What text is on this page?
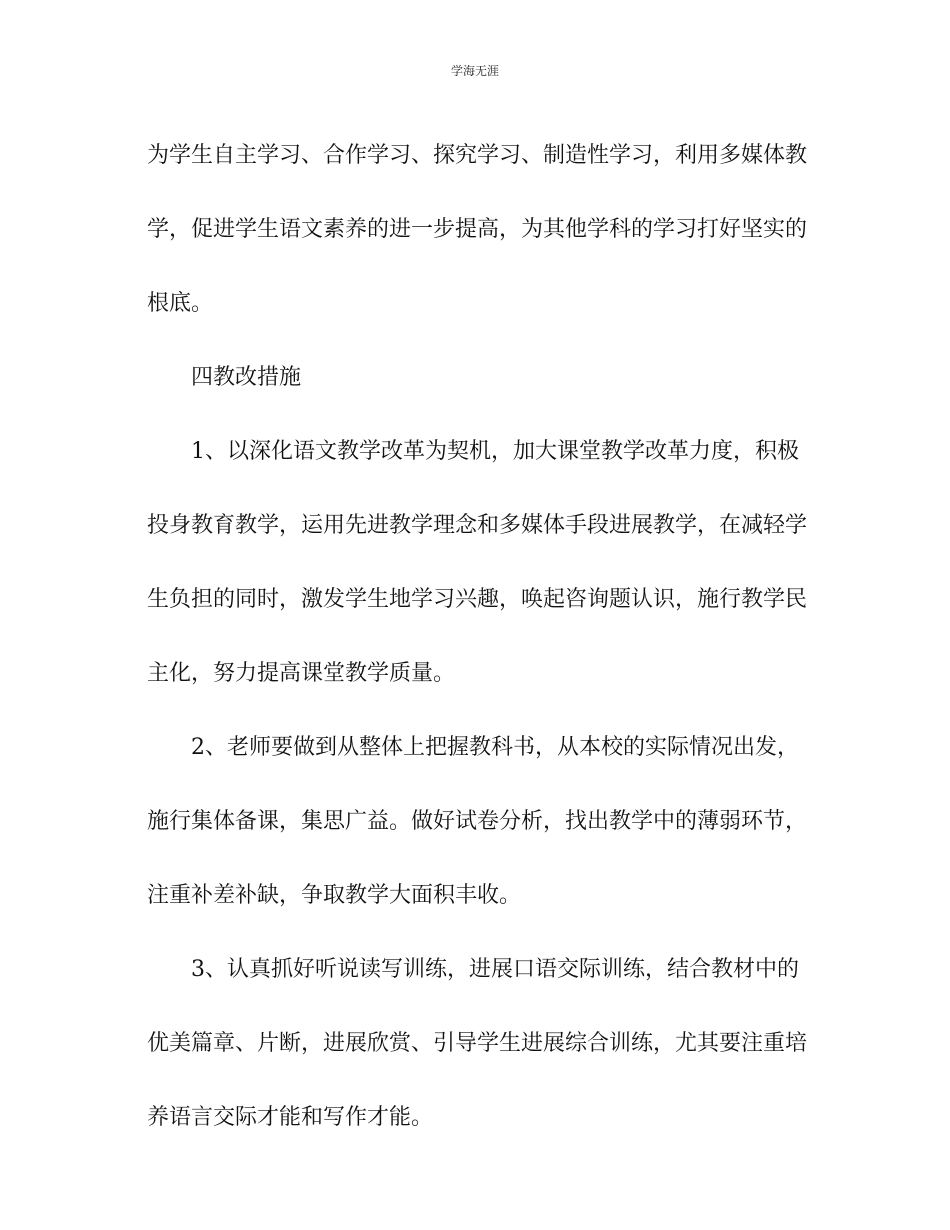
学海无涯
为学生自主学习、合作学习、探究学习、制造性学习，利用多媒体教
学，促进学生语文素养的进一步提高，为其他学科的学习打好坚实的
根底。
四教改措施
1、以深化语文教学改革为契机，加大课堂教学改革力度，积极
投身教育教学，运用先进教学理念和多媒体手段进展教学，在减轻学
生负担的同时，激发学生地学习兴趣，唤起咨询题认识，施行教学民
主化，努力提高课堂教学质量。
2、老师要做到从整体上把握教科书，从本校的实际情况出发，
施行集体备课，集思广益。做好试卷分析，找出教学中的薄弱环节，
注重补差补缺，争取教学大面积丰收。
3、认真抓好听说读写训练，进展口语交际训练，结合教材中的
优美篇章、片断，进展欣赏、引导学生进展综合训练，尤其要注重培
养语言交际才能和写作才能。
